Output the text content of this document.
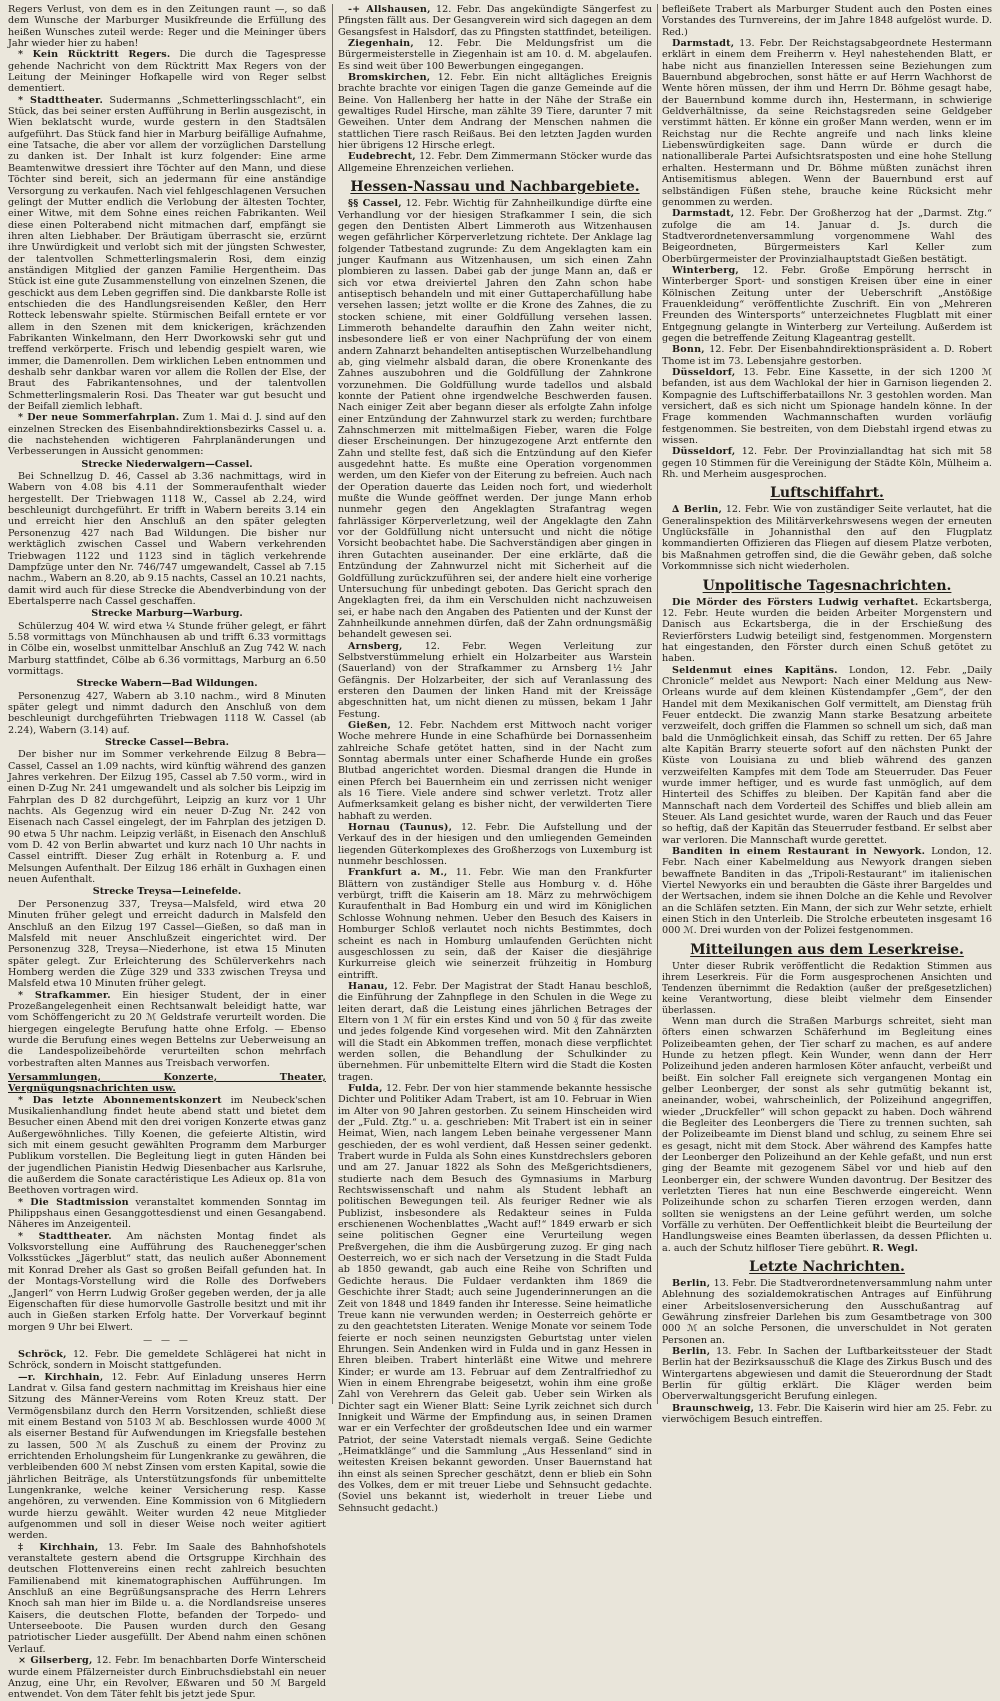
Regers Verlust, von dem es in den Zeitungen raunt —, so daß dem Wunsche der Marburger Musikfreunde die Erfüllung des heißen Wunsches zuteil werde: Reger und die Meininger übers Jahr wieder hier zu haben!

* Kein Rücktritt Regers. Die durch die Tagespresse gehende Nachricht von dem Rücktritt Max Regers von der Leitung der Meininger Hofkapelle wird von Reger selbst dementiert.

* Stadttheater. Sudermanns „Schmetterlingsschlacht“, ein Stück, das bei seiner ersten Aufführung in Berlin ausgezischt, in Wien beklatscht wurde, wurde gestern in den Stadtsälen aufgeführt. Das Stück fand hier in Marburg beifällige Aufnahme, eine Tatsache, die aber vor allem der vorzüglichen Darstellung zu danken ist. Der Inhalt ist kurz folgender: Eine arme Beamtenwitwe dressiert ihre Töchter auf den Mann, und diese Töchter sind bereit, sich an jedermann für eine anständige Versorgung zu verkaufen. Nach viel fehlgeschlagenen Versuchen gelingt der Mutter endlich die Verlobung der ältesten Tochter, einer Witwe, mit dem Sohne eines reichen Fabrikanten. Weil diese einen Polterabend nicht mitmachen darf, empfängt sie ihren alten Liebhaber. Der Bräutigam überrascht sie, erzürnt ihre Unwürdigkeit und verlobt sich mit der jüngsten Schwester, der talentvollen Schmetterlingsmalerin Rosi, dem einzig anständigen Mitglied der ganzen Familie Hergentheim. Das Stück ist eine gute Zusammenstellung von einzelnen Szenen, die geschickt aus dem Leben gegriffen sind. Die dankbarste Rolle ist entschieden die des Handlungsreisenden Keßler, den Herr Rotteck lebenswahr spielte. Stürmischen Beifall erntete er vor allem in den Szenen mit dem knickerigen, krächzenden Fabrikanten Winkelmann, den Herr Dworkowski sehr gut und treffend verkörperte. Frisch und lebendig gespielt waren, wie immer, die Damenrollen. Dem wirklichen Leben entnommen und deshalb sehr dankbar waren vor allem die Rollen der Else, der Braut des Fabrikantensohnes, und der talentvollen Schmetterlingsmalerin Rosi. Das Theater war gut besucht und der Beifall ziemlich lebhaft.

* Der neue Sommerfahrplan. Zum 1. Mai d. J. sind auf den einzelnen Strecken des Eisenbahndirektionsbezirks Cassel u. a. die nachstehenden wichtigeren Fahrplanänderungen und Verbesserungen in Aussicht genommen:

Strecke Niederwalgern—Cassel.

Bei Schnellzug D. 46, Cassel ab 3.36 nachmittags, wird in Wabern von 4.08 bis 4.11 der Sommeraufenthalt wieder hergestellt. Der Triebwagen 1118 W., Cassel ab 2.24, wird beschleunigt durchgeführt. Er trifft in Wabern bereits 3.14 ein und erreicht hier den Anschluß an den später gelegten Personenzug 427 nach Bad Wildungen. Die bisher nur werktäglich zwischen Cassel und Wabern verkehrenden Triebwagen 1122 und 1123 sind in täglich verkehrende Dampfzüge unter den Nr. 746/747 umgewandelt, Cassel ab 7.15 nachm., Wabern an 8.20, ab 9.15 nachts, Cassel an 10.21 nachts, damit wird auch für diese Strecke die Abendverbindung von der Ebertalsperre nach Cassel geschaffen.

Strecke Marburg—Warburg.

Schülerzug 404 W. wird etwa ¼ Stunde früher gelegt, er fährt 5.58 vormittags von Münchhausen ab und trifft 6.33 vormittags in Cölbe ein, woselbst unmittelbar Anschluß an Zug 742 W. nach Marburg stattfindet, Cölbe ab 6.36 vormittags, Marburg an 6.50 vormittags.

Strecke Wabern—Bad Wildungen.

Personenzug 427, Wabern ab 3.10 nachm., wird 8 Minuten später gelegt und nimmt dadurch den Anschluß von dem beschleunigt durchgeführten Triebwagen 1118 W. Cassel (ab 2.24), Wabern (3.14) auf.

Strecke Cassel—Bebra.

Der bisher nur im Sommer verkehrende Eilzug 8 Bebra—Cassel, Cassel an 1.09 nachts, wird künftig während des ganzen Jahres verkehren. Der Eilzug 195, Cassel ab 7.50 vorm., wird in einen D-Zug Nr. 241 umgewandelt und als solcher bis Leipzig im Fahrplan des D 82 durchgeführt, Leipzig an kurz vor 1 Uhr nachts. Als Gegenzug wird ein neuer D-Zug Nr. 242 von Eisenach nach Cassel eingelegt, der im Fahrplan des jetzigen D. 90 etwa 5 Uhr nachm. Leipzig verläßt, in Eisenach den Anschluß vom D. 42 von Berlin abwartet und kurz nach 10 Uhr nachts in Cassel eintrifft. Dieser Zug erhält in Rotenburg a. F. und Melsungen Aufenthalt. Der Eilzug 186 erhält in Guxhagen einen neuen Aufenthalt.

Strecke Treysa—Leinefelde.

Der Personenzug 337, Treysa—Malsfeld, wird etwa 20 Minuten früher gelegt und erreicht dadurch in Malsfeld den Anschluß an den Eilzug 197 Cassel—Gießen, so daß man in Malsfeld mit neuer Anschlußzeit eingerichtet wird. Der Personenzug 328, Treysa—Niederhone, ist etwa 15 Minuten später gelegt. Zur Erleichterung des Schülerverkehrs nach Homberg werden die Züge 329 und 333 zwischen Treysa und Malsfeld etwa 10 Minuten früher gelegt.

* Strafkammer. Ein hiesiger Student, der in einer Prozeßangelegenheit einen Rechtsanwalt beleidigt hatte, war vom Schöffengericht zu 20 ℳ Geldstrafe verurteilt worden. Die hiergegen eingelegte Berufung hatte ohne Erfolg. — Ebenso wurde die Berufung eines wegen Bettelns zur Ueberweisung an die Landespolizeibehörde verurteilten schon mehrfach vorbestraften alten Mannes aus Treisbach verworfen.

Versammlungen, Konzerte, Theater, Vergnügungsnachrichten usw.

* Das letzte Abonnementskonzert im Neubeck'schen Musikalienhandlung findet heute abend statt und bietet dem Besucher einen Abend mit den drei vorigen Konzerte etwas ganz Außergewöhnliches. Tilly Koenen, die gefeierte Altistin, wird sich mit einem gesucht gewählten Programm dem Marburger Publikum vorstellen. Die Begleitung liegt in guten Händen bei der jugendlichen Pianistin Hedwig Diesenbacher aus Karlsruhe, die außerdem die Sonate caractéristique Les Adieux op. 81a von Beethoven vortragen wird.

* Die Stadtmission veranstaltet kommenden Sonntag im Philippshaus einen Gesanggottesdienst und einen Gesangabend. Näheres im Anzeigenteil.

* Stadttheater. Am nächsten Montag findet als Volksvorstellung eine Aufführung des Rauchenegger'schen Volksstückes „Jägerblut“ statt, das neulich außer Abonnement mit Konrad Dreher als Gast so großen Beifall gefunden hat. In der Montags-Vorstellung wird die Rolle des Dorfwebers „Jangerl“ von Herrn Ludwig Großer gegeben werden, der ja alle Eigenschaften für diese humorvolle Gastrolle besitzt und mit ihr auch in Gießen starken Erfolg hatte. Der Vorverkauf beginnt morgen 9 Uhr bei Elwert.

— — —

Schröck, 12. Febr. Die gemeldete Schlägerei hat nicht in Schröck, sondern in Moischt stattgefunden.

—r. Kirchhain, 12. Febr. Auf Einladung unseres Herrn Landrat v. Gilsa fand gestern nachmittag im Kreishaus hier eine Sitzung des Männer-Vereins vom Roten Kreuz statt. Der Vermögensbilanz durch den Herrn Vorsitzenden, schließt diese mit einem Bestand von 5103 ℳ ab. Beschlossen wurde 4000 ℳ als eiserner Bestand für Aufwendungen im Kriegsfalle bestehen zu lassen, 500 ℳ als Zuschuß zu einem der Provinz zu errichtenden Erholungsheim für Lungenkranke zu gewähren, die verbleibenden 600 ℳ nebst Zinsen vom ersten Kapital, sowie die jährlichen Beiträge, als Unterstützungsfonds für unbemittelte Lungenkranke, welche keiner Versicherung resp. Kasse angehören, zu verwenden. Eine Kommission von 6 Mitgliedern wurde hierzu gewählt. Weiter wurden 42 neue Mitglieder aufgenommen und soll in dieser Weise noch weiter agitiert werden.

‡ Kirchhain, 13. Febr. Im Saale des Bahnhofshotels veranstaltete gestern abend die Ortsgruppe Kirchhain des deutschen Flottenvereins einen recht zahlreich besuchten Familienabend mit kinematographischen Aufführungen. Im Anschluß an eine Begrüßungsansprache des Herrn Lehrers Knoch sah man hier im Bilde u. a. die Nordlandsreise unseres Kaisers, die deutschen Flotte, befanden der Torpedo- und Unterseeboote. Die Pausen wurden durch den Gesang patriotischer Lieder ausgefüllt. Der Abend nahm einen schönen Verlauf.

× Gilserberg, 12. Febr. Im benachbarten Dorfe Winterscheid wurde einem Pfälzerneister durch Einbruchsdiebstahl ein neuer Anzug, eine Uhr, ein Revolver, Eßwaren und 50 ℳ Bargeld entwendet. Von dem Täter fehlt bis jetzt jede Spur.

-+ Allshausen, 12. Febr. Das angekündigte Sängerfest zu Pfingsten fällt aus. Der Gesangverein wird sich dagegen an dem Gesangsfest in Halsdorf, das zu Pfingsten stattfindet, beteiligen.

Ziegenhain, 12. Febr. Die Meldungsfrist um die Bürgermeisterstelle in Ziegenhain ist am 10. d. M. abgelaufen. Es sind weit über 100 Bewerbungen eingegangen.

Bromskirchen, 12. Febr. Ein nicht alltägliches Ereignis brachte brachte vor einigen Tagen die ganze Gemeinde auf die Beine. Von Hallenberg her hatte in der Nähe der Straße ein gewaltiges Rudel Hirsche, man zählte 39 Tiere, darunter 7 mit Geweihen. Unter dem Andrang der Menschen nahmen die stattlichen Tiere rasch Reißaus. Bei den letzten Jagden wurden hier übrigens 12 Hirsche erlegt.

Eudebrecht, 12. Febr. Dem Zimmermann Stöcker wurde das Allgemeine Ehrenzeichen verliehen.

Hessen-Nassau und Nachbargebiete.

§§ Cassel, 12. Febr. Wichtig für Zahnheilkundige dürfte eine Verhandlung vor der hiesigen Strafkammer I sein, die sich gegen den Dentisten Albert Limmeroth aus Witzenhausen wegen gefährlicher Körperverletzung richtete. Der Anklage lag folgender Tatbestand zugrunde: Zu dem Angeklagten kam ein junger Kaufmann aus Witzenhausen, um sich einen Zahn plombieren zu lassen. Dabei gab der junge Mann an, daß er sich vor etwa dreiviertel Jahren den Zahn schon habe antiseptisch behandeln und mit einer Guttaperchafüllung habe versehen lassen; jetzt wollte er die Krone des Zahnes, die zu stocken schiene, mit einer Goldfüllung versehen lassen. Limmeroth behandelte daraufhin den Zahn weiter nicht, insbesondere ließ er von einer Nachprüfung der von einem andern Zahnarzt behandelten antiseptischen Wurzelbehandlung ab, ging vielmehr alsbald daran, die obere Kronenkante des Zahnes auszubohren und die Goldfüllung der Zahnkrone vorzunehmen. Die Goldfüllung wurde tadellos und alsbald konnte der Patient ohne irgendwelche Beschwerden fausen. Nach einiger Zeit aber begann dieser als erfolgte Zahn infolge einer Entzündung der Zahnwurzel stark zu werden; furchtbare Zahnschmerzen mit mittelmaßigen Fieber, waren die Folge dieser Erscheinungen. Der hinzugezogene Arzt entfernte den Zahn und stellte fest, daß sich die Entzündung auf den Kiefer ausgedehnt hatte. Es mußte eine Operation vorgenommen werden, um den Kiefer von der Eiterung zu befreien. Auch nach der Operation dauerte das Leiden noch fort, und wiederholt mußte die Wunde geöffnet werden. Der junge Mann erhob nunmehr gegen den Angeklagten Strafantrag wegen fahrlässiger Körperverletzung, weil der Angeklagte den Zahn vor der Goldfüllung nicht untersucht und nicht die nötige Vorsicht beobachtet habe. Die Sachverständigen aber gingen in ihren Gutachten auseinander. Der eine erklärte, daß die Entzündung der Zahnwurzel nicht mit Sicherheit auf die Goldfüllung zurückzuführen sei, der andere hielt eine vorherige Untersuchung für unbedingt geboten. Das Gericht sprach den Angeklagten frei, da ihm ein Verschulden nicht nachzuweisen sei, er habe nach den Angaben des Patienten und der Kunst der Zahnheilkunde annehmen dürfen, daß der Zahn ordnungsmäßig behandelt gewesen sei.

Arnsberg, 12. Febr. Wegen Verleitung zur Selbstverstümmelung erhielt ein Holzarbeiter aus Warstein (Sauerland) von der Strafkammer zu Arnsberg 1½ Jahr Gefängnis. Der Holzarbeiter, der sich auf Veranlassung des ersteren den Daumen der linken Hand mit der Kreissäge abgeschnitten hat, um nicht dienen zu müssen, bekam 1 Jahr Festung.

Gießen, 12. Febr. Nachdem erst Mittwoch nacht voriger Woche mehrere Hunde in eine Schafhürde bei Dornassenheim zahlreiche Schafe getötet hatten, sind in der Nacht zum Sonntag abermals unter einer Schafherde Hunde ein großes Blutbad angerichtet worden. Diesmal drangen die Hunde in einen Pferch bei Bauernheim ein und zerrissen nicht weniger als 16 Tiere. Viele andere sind schwer verletzt. Trotz aller Aufmerksamkeit gelang es bisher nicht, der verwilderten Tiere habhaft zu werden.

Hornau (Taunus), 12. Febr. Die Aufstellung und der Verkauf des in der hiesigen und den umliegenden Gemeinden liegenden Güterkomplexes des Großherzogs von Luxemburg ist nunmehr beschlossen.

Frankfurt a. M., 11. Febr. Wie man den Frankfurter Blättern von zuständiger Stelle aus Homburg v. d. Höhe verbürgt, trifft die Kaiserin am 18. März zu mehrwöchigem Kuraufenthalt in Bad Homburg ein und wird im Königlichen Schlosse Wohnung nehmen. Ueber den Besuch des Kaisers in Homburger Schloß verlautet noch nichts Bestimmtes, doch scheint es nach in Homburg umlaufenden Gerüchten nicht ausgeschlossen zu sein, daß der Kaiser die diesjährige Kurkurreise gleich wie seinerzeit frühzeitig in Homburg eintrifft.

Hanau, 12. Febr. Der Magistrat der Stadt Hanau beschloß, die Einführung der Zahnpflege in den Schulen in die Wege zu leiten derart, daß die Leistung eines jährlichen Betrages der Eltern von 1 ℳ für ein erstes Kind und von 50 ₰ für das zweite und jedes folgende Kind vorgesehen wird. Mit den Zahnärzten will die Stadt ein Abkommen treffen, monach diese verpflichtet werden sollen, die Behandlung der Schulkinder zu übernehmen. Für unbemittelte Eltern wird die Stadt die Kosten tragen.

Fulda, 12. Febr. Der von hier stammende bekannte hessische Dichter und Politiker Adam Trabert, ist am 10. Februar in Wien im Alter von 90 Jahren gestorben. Zu seinem Hinscheiden wird der „Fuld. Ztg.“ u. a. geschrieben: Mit Trabert ist ein in seiner Heimat, Wien, nach langem Leben beinahe vergessener Mann geschieden, der es wohl verdient, daß Hessen seiner gedenkt. Trabert wurde in Fulda als Sohn eines Kunstdrechslers geboren und am 27. Januar 1822 als Sohn des Meßgerichtsdieners, studierte nach dem Besuch des Gymnasiums in Marburg Rechtswissenschaft und nahm als Student lebhaft an politischen Bewegungen teil. Als feuriger Redner wie als Publizist, insbesondere als Redakteur seines in Fulda erschienenen Wochenblattes „Wacht auf!“ 1849 erwarb er sich seine politischen Gegner eine Verurteilung wegen Preßvergehen, die ihm die Ausbürgerung zuzog. Er ging nach Oesterreich, wo er sich nach der Versetzung in die Stadt Fulda ab 1850 gewandt, gab auch eine Reihe von Schriften und Gedichte heraus. Die Fuldaer verdankten ihm 1869 die Geschichte ihrer Stadt; auch seine Jugenderinnerungen an die Zeit von 1848 und 1849 fanden ihr Interesse. Seine heimatliche Treue kann nie verwunden werden; in Oesterreich gehörte er zu den geachtetsten Literaten. Wenige Monate vor seinem Tode feierte er noch seinen neunzigsten Geburtstag unter vielen Ehrungen. Sein Andenken wird in Fulda und in ganz Hessen in Ehren bleiben. Trabert hinterläßt eine Witwe und mehrere Kinder; er wurde am 13. Februar auf dem Zentralfriedhof zu Wien in einem Ehrengrabe beigesetzt, wohin ihm eine große Zahl von Verehrern das Geleit gab. Ueber sein Wirken als Dichter sagt ein Wiener Blatt: Seine Lyrik zeichnet sich durch Innigkeit und Wärme der Empfindung aus, in seinen Dramen war er ein Verfechter der großdeutschen Idee und ein warmer Patriot, der seine Vaterstadt niemals vergaß. Seine Gedichte „Heimatklänge“ und die Sammlung „Aus Hessenland“ sind in weitesten Kreisen bekannt geworden. Unser Bauernstand hat ihn einst als seinen Sprecher geschätzt, denn er blieb ein Sohn des Volkes, dem er mit treuer Liebe und Sehnsucht gedachte. (Soviel uns bekannt ist, wiederholt in treuer Liebe und Sehnsucht gedacht.)

befleißete Trabert als Marburger Student auch den Posten eines Vorstandes des Turnvereins, der im Jahre 1848 aufgelöst wurde. D. Red.)

Darmstadt, 13. Febr. Der Reichstagsabgeordnete Hestermann erklärt in einem dem Freiherrn v. Heyl nahestehenden Blatt, er habe nicht aus finanziellen Interessen seine Beziehungen zum Bauernbund abgebrochen, sonst hätte er auf Herrn Wachhorst de Wente hören müssen, der ihm und Herrn Dr. Böhme gesagt habe, der Bauernbund komme durch ihn, Hestermann, in schwierige Geldverhältnisse, da seine Reichstagsreden seine Geldgeber verstimmt hätten. Er könne ein großer Mann werden, wenn er im Reichstag nur die Rechte angreife und nach links kleine Liebenswürdigkeiten sage. Dann würde er durch die nationalliberale Partei Aufsichtsratsposten und eine hohe Stellung erhalten. Hestermann und Dr. Böhme müßten zunächst ihren Antisemitismus ablegen. Wenn der Bauernbund erst auf selbständigen Füßen stehe, brauche keine Rücksicht mehr genommen zu werden.

Darmstadt, 12. Febr. Der Großherzog hat der „Darmst. Ztg.“ zufolge die am 14. Januar d. Js. durch die Stadtverordnetenversammlung vorgenommene Wahl des Beigeordneten, Bürgermeisters Karl Keller zum Oberbürgermeister der Provinzialhauptstadt Gießen bestätigt.

Winterberg, 12. Febr. Große Empörung herrscht in Winterberger Sport- und sonstigen Kreisen über eine in einer Kölnischen Zeitung unter der Ueberschrift „Anstößige Frauenkleidung“ veröffentlichte Zuschrift. Ein von „Mehreren Freunden des Wintersports“ unterzeichnetes Flugblatt mit einer Entgegnung gelangte in Winterberg zur Verteilung. Außerdem ist gegen die betreffende Zeitung Klageantrag gestellt.

Bonn, 12. Febr. Der Eisenbahndirektionspräsident a. D. Robert Thome ist im 73. Lebensjahre gestorben.

Düsseldorf, 13. Febr. Eine Kassette, in der sich 1200 ℳ befanden, ist aus dem Wachlokal der hier in Garnison liegenden 2. Kompagnie des Luftschifferbataillons Nr. 3 gestohlen worden. Man versichert, daß es sich nicht um Spionage handeln könne. In der Frage kommenden Wachmannschaften wurden vorläufig festgenommen. Sie bestreiten, von dem Diebstahl irgend etwas zu wissen.

Düsseldorf, 12. Febr. Der Provinziallandtag hat sich mit 58 gegen 10 Stimmen für die Vereinigung der Städte Köln, Mülheim a. Rh. und Merheim ausgesprochen.

Luftschiffahrt.

∆ Berlin, 12. Febr. Wie von zuständiger Seite verlautet, hat die Generalinspektion des Militärverkehrswesens wegen der erneuten Unglücksfälle in Johannisthal den auf den Flugplatz kommandierten Offizieren das Fliegen auf diesem Platze verboten, bis Maßnahmen getroffen sind, die die Gewähr geben, daß solche Vorkommnisse sich nicht wiederholen.

Unpolitische Tagesnachrichten.

Die Mörder des Försters Ludwig verhaftet. Eckartsberga, 12. Febr. Heute wurden die beiden Arbeiter Morgenstern und Danisch aus Eckartsberga, die in der Erschießung des Revierförsters Ludwig beteiligt sind, festgenommen. Morgenstern hat eingestanden, den Förster durch einen Schuß getötet zu haben.

Seldenmut eines Kapitäns. London, 12. Febr. „Daily Chronicle“ meldet aus Newport: Nach einer Meldung aus New-Orleans wurde auf dem kleinen Küstendampfer „Gem“, der den Handel mit dem Mexikanischen Golf vermittelt, am Dienstag früh Feuer entdeckt. Die zwanzig Mann starke Besatzung arbeitete verzweifelt, doch griffen die Flammen so schnell um sich, daß man bald die Unmöglichkeit einsah, das Schiff zu retten. Der 65 Jahre alte Kapitän Brarry steuerte sofort auf den nächsten Punkt der Küste von Louisiana zu und blieb während des ganzen verzweifelten Kampfes mit dem Tode am Steuerruder. Das Feuer wurde immer heftiger, und es wurde fast unmöglich, auf dem Hinterteil des Schiffes zu bleiben. Der Kapitän fand aber die Mannschaft nach dem Vorderteil des Schiffes und blieb allein am Steuer. Als Land gesichtet wurde, waren der Rauch und das Feuer so heftig, daß der Kapitän das Steuerruder festband. Er selbst aber war verloren. Die Mannschaft wurde gerettet.

Banditen in einem Restaurant in Newyork. London, 12. Febr. Nach einer Kabelmeldung aus Newyork drangen sieben bewaffnete Banditen in das „Tripoli-Restaurant“ im italienischen Viertel Newyorks ein und beraubten die Gäste ihrer Bargeldes und der Wertsachen, indem sie ihnen Dolche an die Kehle und Revolver an die Schläfen setzten. Ein Mann, der sich zur Wehr setzte, erhielt einen Stich in den Unterleib. Die Strolche erbeuteten insgesamt 16 000 ℳ. Drei wurden von der Polizei festgenommen.

Mitteilungen aus dem Leserkreise.

Unter dieser Rubrik veröffentlicht die Redaktion Stimmen aus ihrem Leserkreis. Für die Form ausgesprochenen Ansichten und Tendenzen übernimmt die Redaktion (außer der preßgesetzlichen) keine Verantwortung, diese bleibt vielmehr dem Einsender überlassen.

Wenn man durch die Straßen Marburgs schreitet, sieht man öfters einen schwarzen Schäferhund im Begleitung eines Polizeibeamten gehen, der Tier scharf zu machen, es auf andere Hunde zu hetzen pflegt. Kein Wunder, wenn dann der Herr Polizeihund jeden anderen harmlosen Köter anfaucht, verbeißt und beißt. Ein solcher Fall ereignete sich vergangenen Montag ein gelber Leonberger, der sonst als sehr gutmütig bekannt ist, aneinander, wobei, wahrscheinlich, der Polizeihund angegriffen, wieder „Druckfeller“ will schon gepackt zu haben. Doch während die Begleiter des Leonbergers die Tiere zu trennen suchten, sah der Polizeibeamte im Dienst bland und schlug, zu seinem Ehre sei es gesagt, nicht mit dem Stock. Aber während des Kampfes hatte der Leonberger den Polizeihund an der Kehle gefaßt, und nun erst ging der Beamte mit gezogenem Säbel vor und hieb auf den Leonberger ein, der schwere Wunden davontrug. Der Besitzer des verletzten Tieres hat nun eine Beschwerde eingereicht. Wenn Polizeihunde schon zu scharfen Tieren erzogen werden, dann sollten sie wenigstens an der Leine geführt werden, um solche Vorfälle zu verhüten. Der Oeffentlichkeit bleibt die Beurteilung der Handlungsweise eines Beamten überlassen, da dessen Pflichten u. a. auch der Schutz hilfloser Tiere gebührt. R. Wegl.

Letzte Nachrichten.

Berlin, 13. Febr. Die Stadtverordnetenversammlung nahm unter Ablehnung des sozialdemokratischen Antrages auf Einführung einer Arbeitslosenversicherung den Ausschußantrag auf Gewährung zinsfreier Darlehen bis zum Gesamtbetrage von 300 000 ℳ an solche Personen, die unverschuldet in Not geraten Personen an.

Berlin, 13. Febr. In Sachen der Luftbarkeitssteuer der Stadt Berlin hat der Bezirksausschuß die Klage des Zirkus Busch und des Wintergartens abgewiesen und damit die Steuerordnung der Stadt Berlin für gültig erklärt. Die Kläger werden beim Oberverwaltungsgericht Berufung einlegen.

Braunschweig, 13. Febr. Die Kaiserin wird hier am 25. Febr. zu vierwöchigem Besuch eintreffen.
